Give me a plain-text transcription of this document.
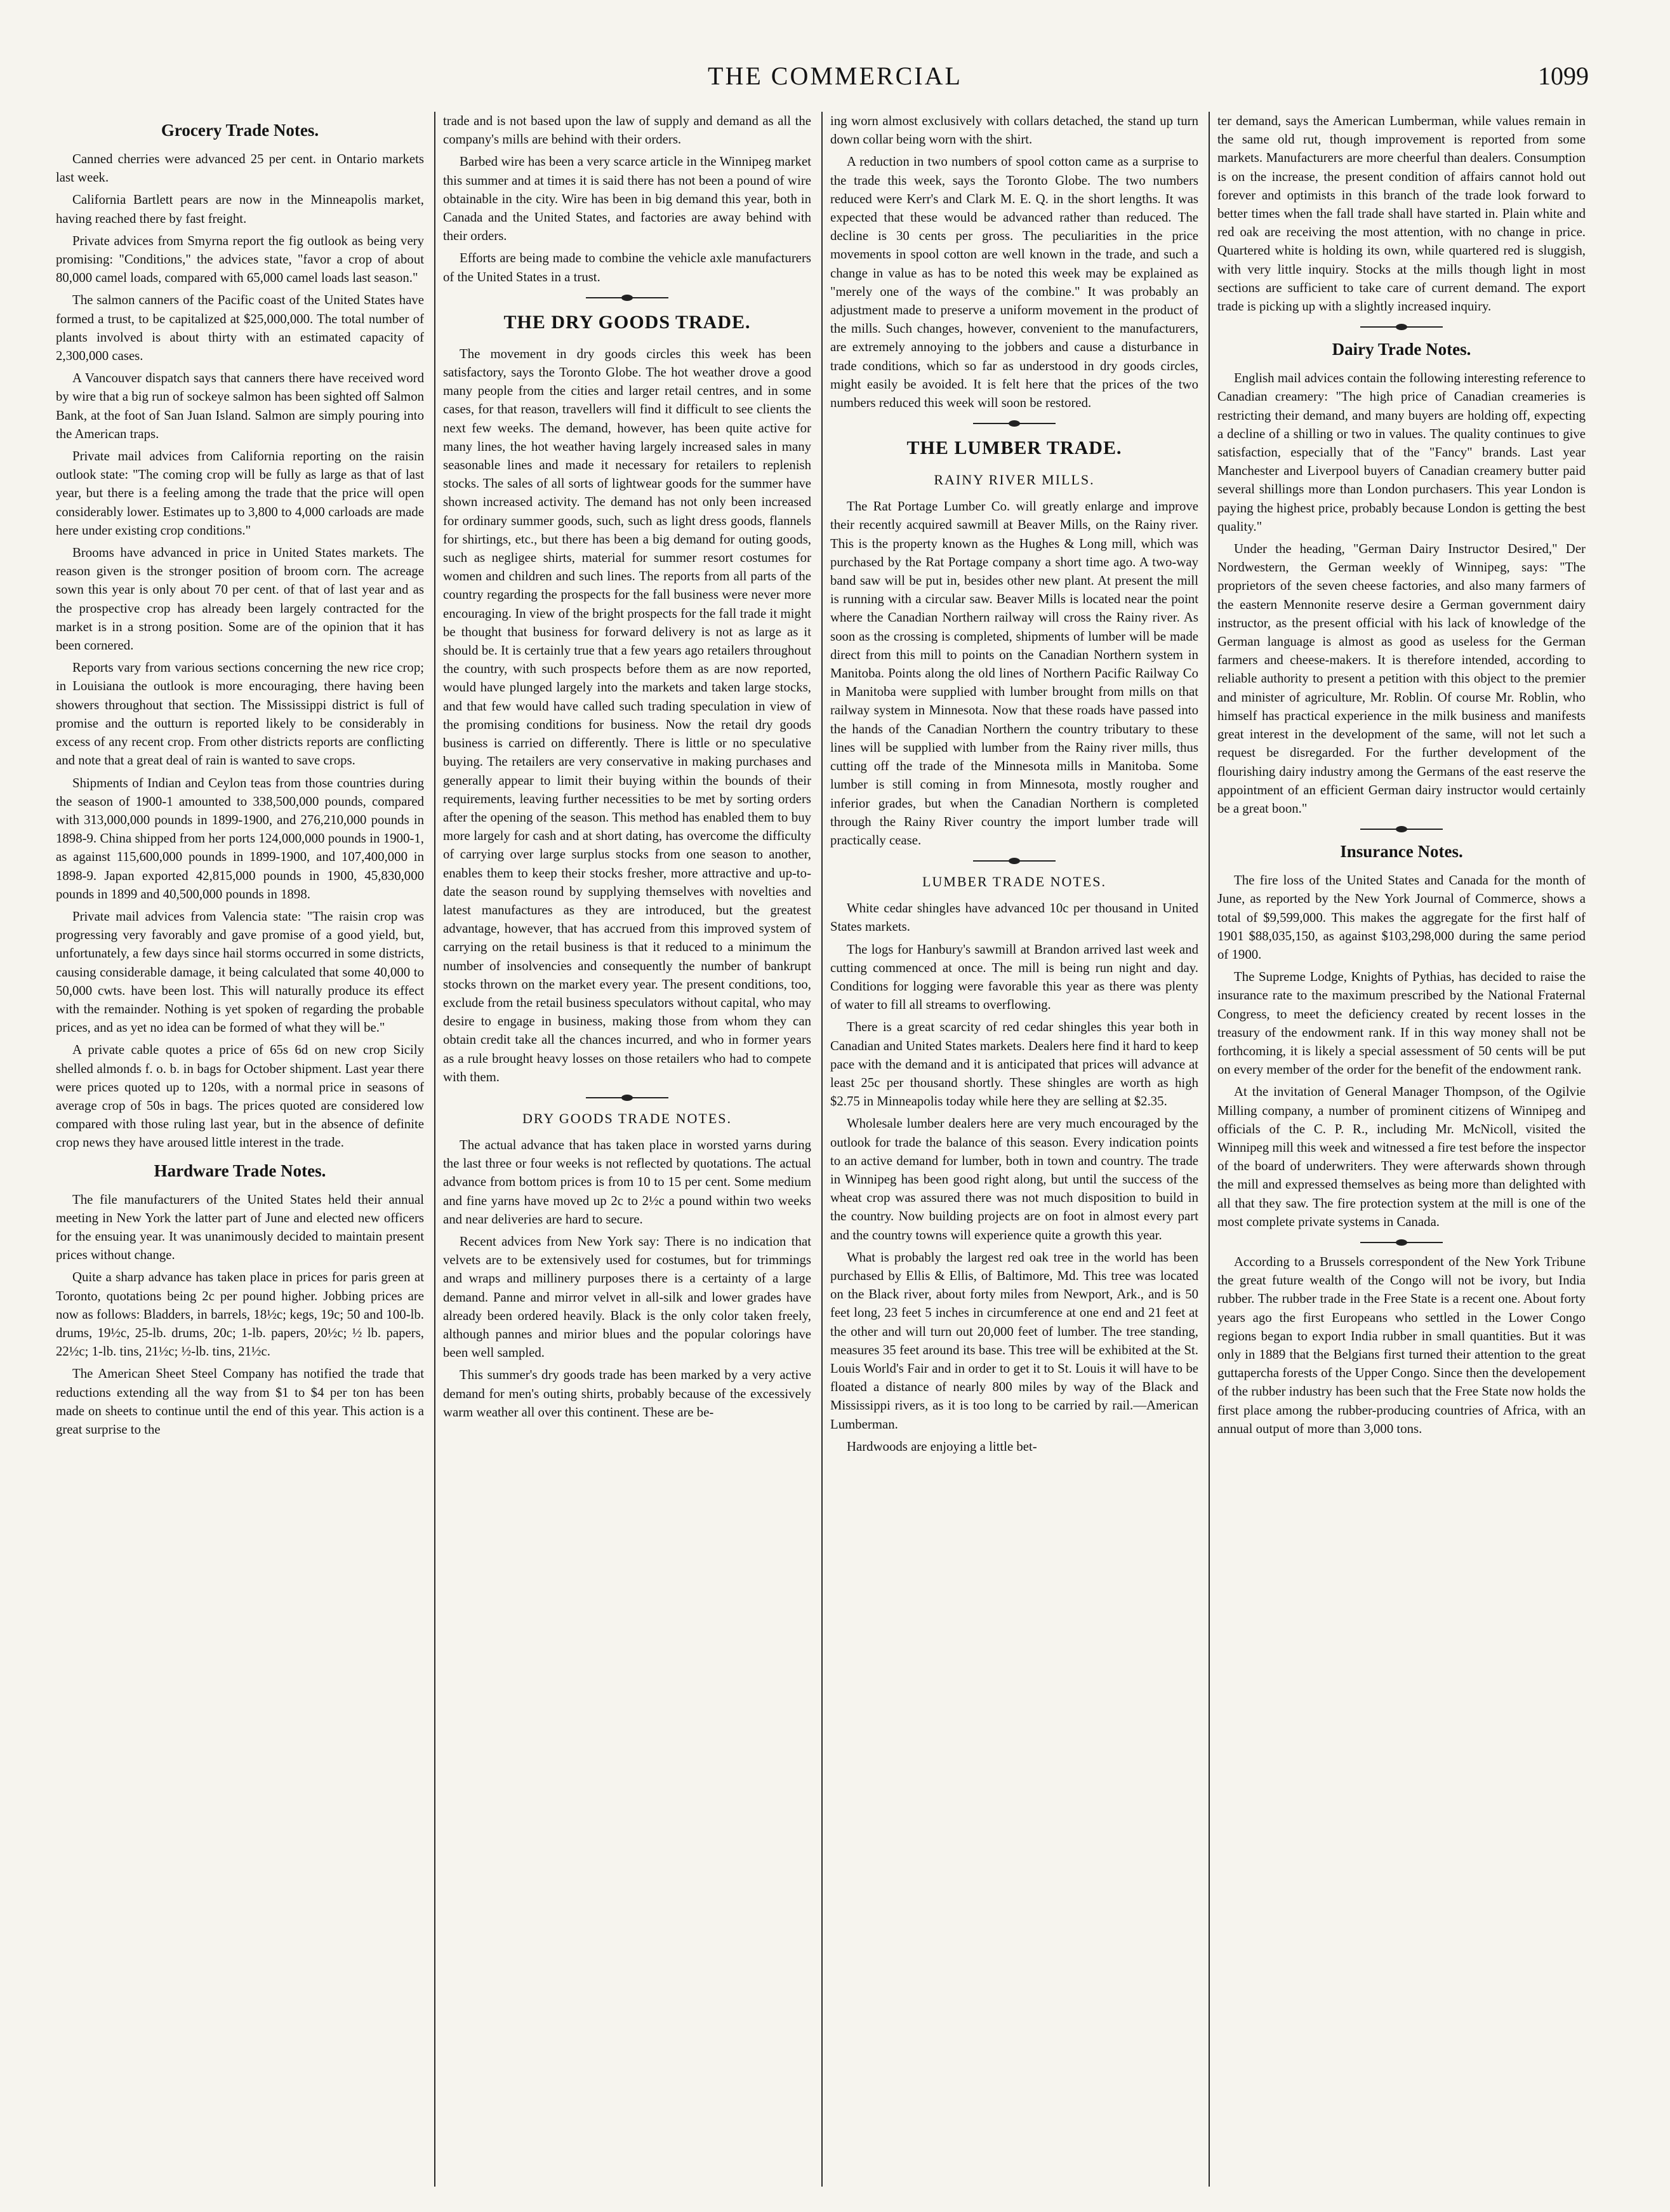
THE COMMERCIAL	1099
Grocery Trade Notes.

Canned cherries were advanced 25 per cent. in Ontario markets last week.

California Bartlett pears are now in the Minneapolis market, having reached there by fast freight.

Private advices from Smyrna report the fig outlook as being very promising: "Conditions," the advices state, "favor a crop of about 80,000 camel loads, compared with 65,000 camel loads last season."

The salmon canners of the Pacific coast of the United States have formed a trust, to be capitalized at $25,000,000. The total number of plants involved is about thirty with an estimated capacity of 2,300,000 cases.

A Vancouver dispatch says that canners there have received word by wire that a big run of sockeye salmon has been sighted off Salmon Bank, at the foot of San Juan Island. Salmon are simply pouring into the American traps.

Private mail advices from California reporting on the raisin outlook state: "The coming crop will be fully as large as that of last year, but there is a feeling among the trade that the price will open considerably lower. Estimates up to 3,800 to 4,000 carloads are made here under existing crop conditions."

Brooms have advanced in price in United States markets. The reason given is the stronger position of broom corn. The acreage sown this year is only about 70 per cent. of that of last year and as the prospective crop has already been largely contracted for the market is in a strong position. Some are of the opinion that it has been cornered.

Reports vary from various sections concerning the new rice crop; in Louisiana the outlook is more encouraging, there having been showers throughout that section. The Mississippi district is full of promise and the outturn is reported likely to be considerably in excess of any recent crop. From other districts reports are conflicting and note that a great deal of rain is wanted to save crops.

Shipments of Indian and Ceylon teas from those countries during the season of 1900-1 amounted to 338,500,000 pounds, compared with 313,000,000 pounds in 1899-1900, and 276,210,000 pounds in 1898-9. China shipped from her ports 124,000,000 pounds in 1900-1, as against 115,600,000 pounds in 1899-1900, and 107,400,000 in 1898-9. Japan exported 42,815,000 pounds in 1900, 45,830,000 pounds in 1899 and 40,500,000 pounds in 1898.

Private mail advices from Valencia state: "The raisin crop was progressing very favorably and gave promise of a good yield, but, unfortunately, a few days since hail storms occurred in some districts, causing considerable damage, it being calculated that some 40,000 to 50,000 cwts. have been lost. This will naturally produce its effect with the remainder. Nothing is yet spoken of regarding the probable prices, and as yet no idea can be formed of what they will be."

A private cable quotes a price of 65s 6d on new crop Sicily shelled almonds f. o. b. in bags for October shipment. Last year there were prices quoted up to 120s, with a normal price in seasons of average crop of 50s in bags. The prices quoted are considered low compared with those ruling last year, but in the absence of definite crop news they have aroused little interest in the trade.

Hardware Trade Notes.

The file manufacturers of the United States held their annual meeting in New York the latter part of June and elected new officers for the ensuing year. It was unanimously decided to maintain present prices without change.

Quite a sharp advance has taken place in prices for paris green at Toronto, quotations being 2c per pound higher. Jobbing prices are now as follows: Bladders, in barrels, 18½c; kegs, 19c; 50 and 100-lb. drums, 19½c, 25-lb. drums, 20c; 1-lb. papers, 20½c; ½ lb. papers, 22½c; 1-lb. tins, 21½c; ½-lb. tins, 21½c.

The American Sheet Steel Company has notified the trade that reductions extending all the way from $1 to $4 per ton has been made on sheets to continue until the end of this year. This action is a great surprise to the

trade and is not based upon the law of supply and demand as all the company's mills are behind with their orders.

Barbed wire has been a very scarce article in the Winnipeg market this summer and at times it is said there has not been a pound of wire obtainable in the city. Wire has been in big demand this year, both in Canada and the United States, and factories are away behind with their orders.

Efforts are being made to combine the vehicle axle manufacturers of the United States in a trust.

THE DRY GOODS TRADE.

The movement in dry goods circles this week has been satisfactory, says the Toronto Globe. The hot weather drove a good many people from the cities and larger retail centres, and in some cases, for that reason, travellers will find it difficult to see clients the next few weeks. The demand, however, has been quite active for many lines, the hot weather having largely increased sales in many seasonable lines and made it necessary for retailers to replenish stocks. The sales of all sorts of lightwear goods for the summer have shown increased activity. The demand has not only been increased for ordinary summer goods, such, such as light dress goods, flannels for shirtings, etc., but there has been a big demand for outing goods, such as negligee shirts, material for summer resort costumes for women and children and such lines. The reports from all parts of the country regarding the prospects for the fall business were never more encouraging. In view of the bright prospects for the fall trade it might be thought that business for forward delivery is not as large as it should be. It is certainly true that a few years ago retailers throughout the country, with such prospects before them as are now reported, would have plunged largely into the markets and taken large stocks, and that few would have called such trading speculation in view of the promising conditions for business. Now the retail dry goods business is carried on differently. There is little or no speculative buying. The retailers are very conservative in making purchases and generally appear to limit their buying within the bounds of their requirements, leaving further necessities to be met by sorting orders after the opening of the season. This method has enabled them to buy more largely for cash and at short dating, has overcome the difficulty of carrying over large surplus stocks from one season to another, enables them to keep their stocks fresher, more attractive and up-to-date the season round by supplying themselves with novelties and latest manufactures as they are introduced, but the greatest advantage, however, that has accrued from this improved system of carrying on the retail business is that it reduced to a minimum the number of insolvencies and consequently the number of bankrupt stocks thrown on the market every year. The present conditions, too, exclude from the retail business speculators without capital, who may desire to engage in business, making those from whom they can obtain credit take all the chances incurred, and who in former years as a rule brought heavy losses on those retailers who had to compete with them.

DRY GOODS TRADE NOTES.

The actual advance that has taken place in worsted yarns during the last three or four weeks is not reflected by quotations. The actual advance from bottom prices is from 10 to 15 per cent. Some medium and fine yarns have moved up 2c to 2½c a pound within two weeks and near deliveries are hard to secure.

Recent advices from New York say: There is no indication that velvets are to be extensively used for costumes, but for trimmings and wraps and millinery purposes there is a certainty of a large demand. Panne and mirror velvet in all-silk and lower grades have already been ordered heavily. Black is the only color taken freely, although pannes and mirior blues and the popular colorings have been well sampled.

This summer's dry goods trade has been marked by a very active demand for men's outing shirts, probably because of the excessively warm weather all over this continent. These are be-

ing worn almost exclusively with collars detached, the stand up turn down collar being worn with the shirt.

A reduction in two numbers of spool cotton came as a surprise to the trade this week, says the Toronto Globe. The two numbers reduced were Kerr's and Clark M. E. Q. in the short lengths. It was expected that these would be advanced rather than reduced. The decline is 30 cents per gross. The peculiarities in the price movements in spool cotton are well known in the trade, and such a change in value as has to be noted this week may be explained as "merely one of the ways of the combine." It was probably an adjustment made to preserve a uniform movement in the product of the mills. Such changes, however, convenient to the manufacturers, are extremely annoying to the jobbers and cause a disturbance in trade conditions, which so far as understood in dry goods circles, might easily be avoided. It is felt here that the prices of the two numbers reduced this week will soon be restored.

THE LUMBER TRADE.
RAINY RIVER MILLS.

The Rat Portage Lumber Co. will greatly enlarge and improve their recently acquired sawmill at Beaver Mills, on the Rainy river. This is the property known as the Hughes & Long mill, which was purchased by the Rat Portage company a short time ago. A two-way band saw will be put in, besides other new plant. At present the mill is running with a circular saw. Beaver Mills is located near the point where the Canadian Northern railway will cross the Rainy river. As soon as the crossing is completed, shipments of lumber will be made direct from this mill to points on the Canadian Northern system in Manitoba. Points along the old lines of Northern Pacific Railway Co in Manitoba were supplied with lumber brought from mills on that railway system in Minnesota. Now that these roads have passed into the hands of the Canadian Northern the country tributary to these lines will be supplied with lumber from the Rainy river mills, thus cutting off the trade of the Minnesota mills in Manitoba. Some lumber is still coming in from Minnesota, mostly rougher and inferior grades, but when the Canadian Northern is completed through the Rainy River country the import lumber trade will practically cease.

LUMBER TRADE NOTES.

White cedar shingles have advanced 10c per thousand in United States markets.

The logs for Hanbury's sawmill at Brandon arrived last week and cutting commenced at once. The mill is being run night and day. Conditions for logging were favorable this year as there was plenty of water to fill all streams to overflowing.

There is a great scarcity of red cedar shingles this year both in Canadian and United States markets. Dealers here find it hard to keep pace with the demand and it is anticipated that prices will advance at least 25c per thousand shortly. These shingles are worth as high $2.75 in Minneapolis today while here they are selling at $2.35.

Wholesale lumber dealers here are very much encouraged by the outlook for trade the balance of this season. Every indication points to an active demand for lumber, both in town and country. The trade in Winnipeg has been good right along, but until the success of the wheat crop was assured there was not much disposition to build in the country. Now building projects are on foot in almost every part and the country towns will experience quite a growth this year.

What is probably the largest red oak tree in the world has been purchased by Ellis & Ellis, of Baltimore, Md. This tree was located on the Black river, about forty miles from Newport, Ark., and is 50 feet long, 23 feet 5 inches in circumference at one end and 21 feet at the other and will turn out 20,000 feet of lumber. The tree standing, measures 35 feet around its base. This tree will be exhibited at the St. Louis World's Fair and in order to get it to St. Louis it will have to be floated a distance of nearly 800 miles by way of the Black and Mississippi rivers, as it is too long to be carried by rail.—American Lumberman.

Hardwoods are enjoying a little bet-

ter demand, says the American Lumberman, while values remain in the same old rut, though improvement is reported from some markets. Manufacturers are more cheerful than dealers. Consumption is on the increase, the present condition of affairs cannot hold out forever and optimists in this branch of the trade look forward to better times when the fall trade shall have started in. Plain white and red oak are receiving the most attention, with no change in price. Quartered white is holding its own, while quartered red is sluggish, with very little inquiry. Stocks at the mills though light in most sections are sufficient to take care of current demand. The export trade is picking up with a slightly increased inquiry.

Dairy Trade Notes.

English mail advices contain the following interesting reference to Canadian creamery: "The high price of Canadian creameries is restricting their demand, and many buyers are holding off, expecting a decline of a shilling or two in values. The quality continues to give satisfaction, especially that of the "Fancy" brands. Last year Manchester and Liverpool buyers of Canadian creamery butter paid several shillings more than London purchasers. This year London is paying the highest price, probably because London is getting the best quality."

Under the heading, "German Dairy Instructor Desired," Der Nordwestern, the German weekly of Winnipeg, says: "The proprietors of the seven cheese factories, and also many farmers of the eastern Mennonite reserve desire a German government dairy instructor, as the present official with his lack of knowledge of the German language is almost as good as useless for the German farmers and cheese-makers. It is therefore intended, according to reliable authority to present a petition with this object to the premier and minister of agriculture, Mr. Roblin. Of course Mr. Roblin, who himself has practical experience in the milk business and manifests great interest in the development of the same, will not let such a request be disregarded. For the further development of the flourishing dairy industry among the Germans of the east reserve the appointment of an efficient German dairy instructor would certainly be a great boon."

Insurance Notes.

The fire loss of the United States and Canada for the month of June, as reported by the New York Journal of Commerce, shows a total of $9,599,000. This makes the aggregate for the first half of 1901 $88,035,150, as against $103,298,000 during the same period of 1900.

The Supreme Lodge, Knights of Pythias, has decided to raise the insurance rate to the maximum prescribed by the National Fraternal Congress, to meet the deficiency created by recent losses in the treasury of the endowment rank. If in this way money shall not be forthcoming, it is likely a special assessment of 50 cents will be put on every member of the order for the benefit of the endowment rank.

At the invitation of General Manager Thompson, of the Ogilvie Milling company, a number of prominent citizens of Winnipeg and officials of the C. P. R., including Mr. McNicoll, visited the Winnipeg mill this week and witnessed a fire test before the inspector of the board of underwriters. They were afterwards shown through the mill and expressed themselves as being more than delighted with all that they saw. The fire protection system at the mill is one of the most complete private systems in Canada.

According to a Brussels correspondent of the New York Tribune the great future wealth of the Congo will not be ivory, but India rubber. The rubber trade in the Free State is a recent one. About forty years ago the first Europeans who settled in the Lower Congo regions began to export India rubber in small quantities. But it was only in 1889 that the Belgians first turned their attention to the great guttapercha forests of the Upper Congo. Since then the developement of the rubber industry has been such that the Free State now holds the first place among the rubber-producing countries of Africa, with an annual output of more than 3,000 tons.
